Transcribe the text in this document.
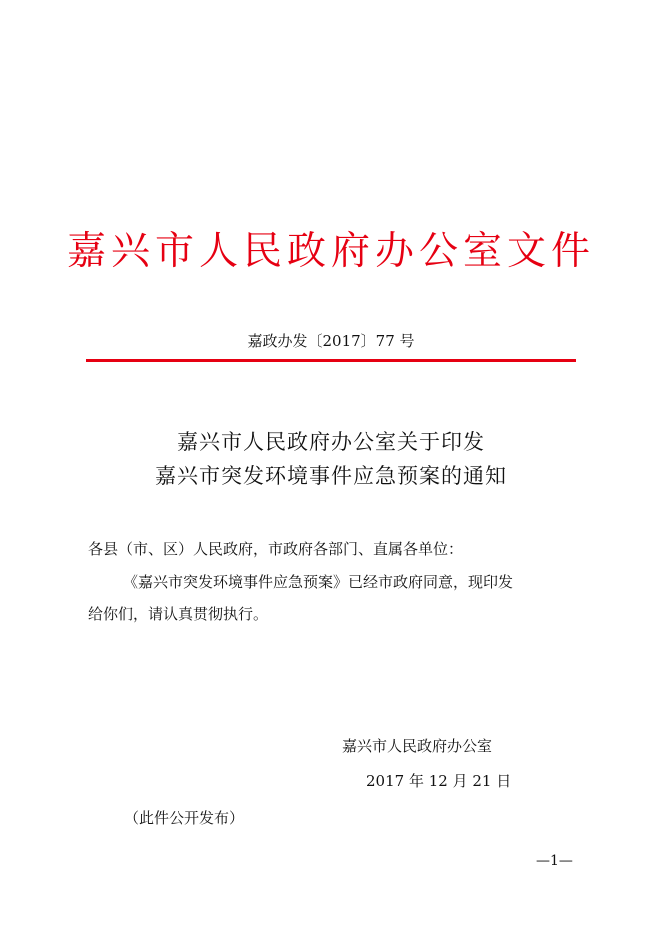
嘉兴市人民政府办公室文件
嘉政办发〔2017〕77 号
嘉兴市人民政府办公室关于印发
嘉兴市突发环境事件应急预案的通知
各县（市、区）人民政府，市政府各部门、直属各单位：
《嘉兴市突发环境事件应急预案》已经市政府同意，现印发
给你们，请认真贯彻执行。
嘉兴市人民政府办公室
2017 年 12 月 21 日
（此件公开发布）
—1—
